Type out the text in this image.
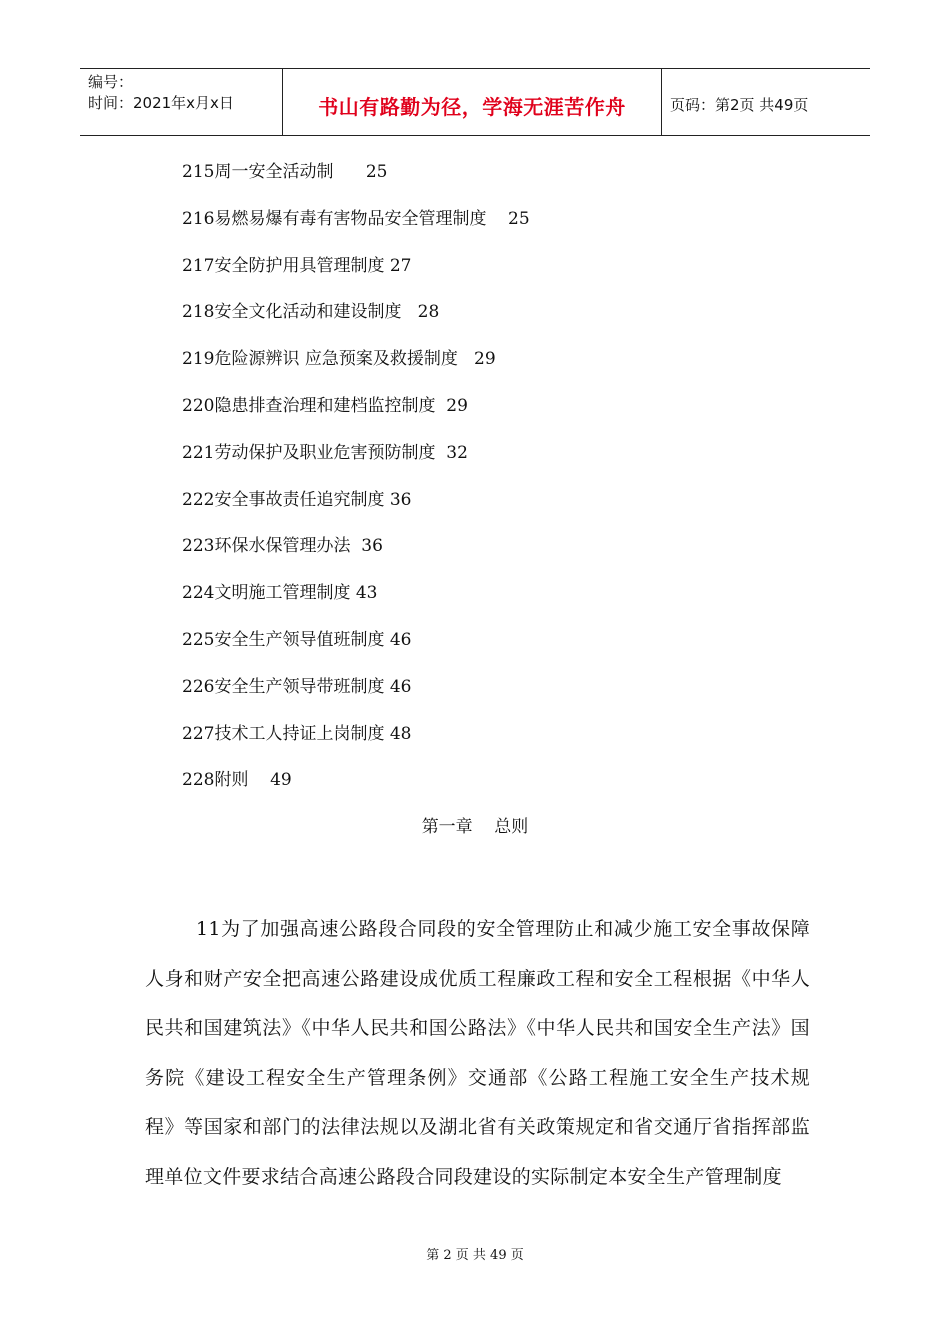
编号：
时间：2021年x月x日	书山有路勤为径，学海无涯苦作舟	页码：第2页 共49页
215周一安全活动制      25
216易燃易爆有毒有害物品安全管理制度    25
217安全防护用具管理制度 27
218安全文化活动和建设制度   28
219危险源辨识 应急预案及救援制度   29
220隐患排查治理和建档监控制度  29
221劳动保护及职业危害预防制度  32
222安全事故责任追究制度 36
223环保水保管理办法  36
224文明施工管理制度 43
225安全生产领导值班制度 46
226安全生产领导带班制度 46
227技术工人持证上岗制度 48
228附则    49
第一章    总则
11为了加强高速公路段合同段的安全管理防止和减少施工安全事故保障人身和财产安全把高速公路建设成优质工程廉政工程和安全工程根据《中华人民共和国建筑法》《中华人民共和国公路法》《中华人民共和国安全生产法》国务院《建设工程安全生产管理条例》交通部《公路工程施工安全生产技术规程》等国家和部门的法律法规以及湖北省有关政策规定和省交通厅省指挥部监理单位文件要求结合高速公路段合同段建设的实际制定本安全生产管理制度
第 2 页 共 49 页
